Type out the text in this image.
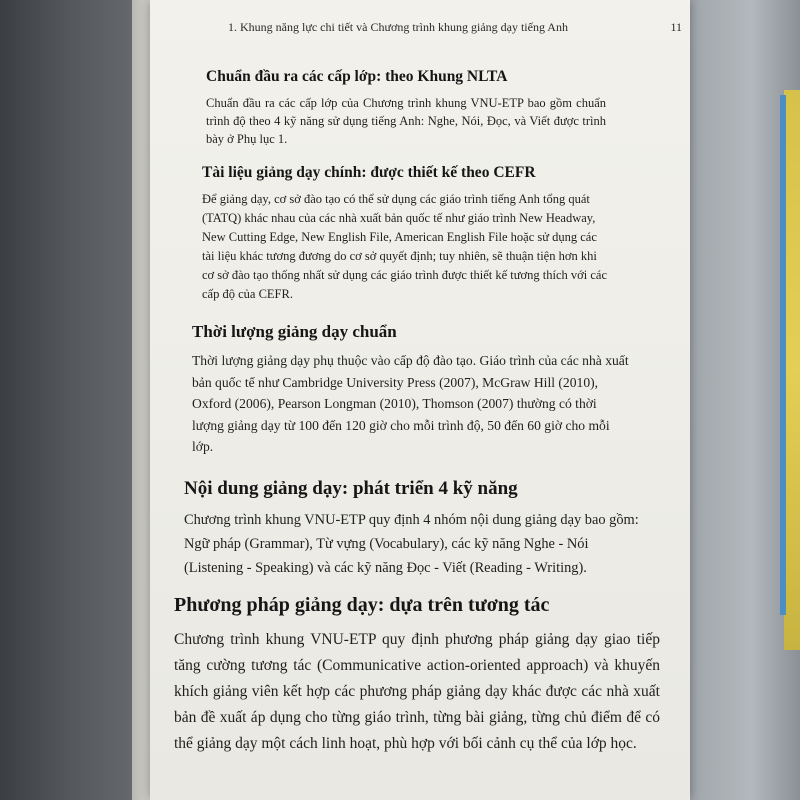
1. Khung năng lực chi tiết và Chương trình khung giảng dạy tiếng Anh	11
Chuẩn đầu ra các cấp lớp: theo Khung NLTA

Chuẩn đầu ra các cấp lớp của Chương trình khung VNU-ETP bao gồm chuẩn trình độ theo 4 kỹ năng sử dụng tiếng Anh: Nghe, Nói, Đọc, và Viết được trình bày ở Phụ lục 1.

Tài liệu giảng dạy chính: được thiết kế theo CEFR

Để giảng dạy, cơ sở đào tạo có thể sử dụng các giáo trình tiếng Anh tổng quát (TATQ) khác nhau của các nhà xuất bản quốc tế như giáo trình New Headway, New Cutting Edge, New English File, American English File hoặc sử dụng các tài liệu khác tương đương do cơ sở quyết định; tuy nhiên, sẽ thuận tiện hơn khi cơ sở đào tạo thống nhất sử dụng các giáo trình được thiết kế tương thích với các cấp độ của CEFR.

Thời lượng giảng dạy chuẩn

Thời lượng giảng dạy phụ thuộc vào cấp độ đào tạo. Giáo trình của các nhà xuất bản quốc tế như Cambridge University Press (2007), McGraw Hill (2010), Oxford (2006), Pearson Longman (2010), Thomson (2007) thường có thời lượng giảng dạy từ 100 đến 120 giờ cho mỗi trình độ, 50 đến 60 giờ cho mỗi lớp.

Nội dung giảng dạy: phát triển 4 kỹ năng

Chương trình khung VNU-ETP quy định 4 nhóm nội dung giảng dạy bao gồm: Ngữ pháp (Grammar), Từ vựng (Vocabulary), các kỹ năng Nghe - Nói (Listening - Speaking) và các kỹ năng Đọc - Viết (Reading - Writing).

Phương pháp giảng dạy: dựa trên tương tác

Chương trình khung VNU-ETP quy định phương pháp giảng dạy giao tiếp tăng cường tương tác (Communicative action-oriented approach) và khuyến khích giảng viên kết hợp các phương pháp giảng dạy khác được các nhà xuất bản đề xuất áp dụng cho từng giáo trình, từng bài giảng, từng chủ điểm để có thể giảng dạy một cách linh hoạt, phù hợp với bối cảnh cụ thể của lớp học.
